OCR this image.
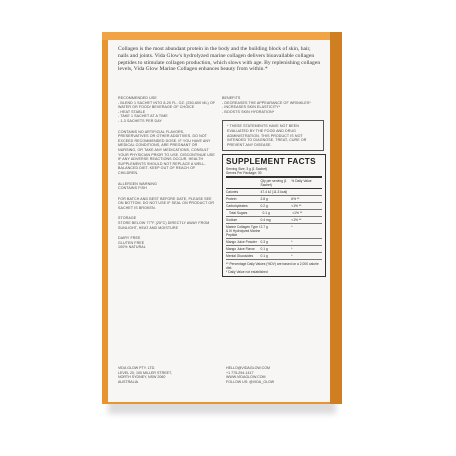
Collagen is the most abundant protein in the body and the building block of skin, hair, nails and joints. Vida Glow's hydrolyzed marine collagen delivers bioavailable collagen peptides to stimulate collagen production, which slows with age. By replenishing collagen levels, Vida Glow Marine Collagen enhances beauty from within.*
RECOMMENDED USE
- BLEND 1 SACHET INTO 8-20 FL. OZ. (250-600 ML) OF WATER OR FOOD/ BEVERAGE OF CHOICE
- HEAT STABLE
- TAKE 1 SACHET AT A TIME
- 1-3 SACHETS PER DAY
CONTAINS NO ARTIFICIAL FLAVORS, PRESERVATIVES OR OTHER ADDITIVES. DO NOT EXCEED RECOMMENDED DOSE. IF YOU HAVE ANY MEDICAL CONDITIONS, ARE PREGNANT OR NURSING, OR TAKE ANY MEDICATIONS, CONSULT YOUR PHYSICIAN PRIOR TO USE. DISCONTINUE USE IF ANY ADVERSE REACTIONS OCCUR. HEALTH SUPPLEMENTS SHOULD NOT REPLACE A WELL-BALANCED DIET. KEEP OUT OF REACH OF CHILDREN.
ALLERGEN WARNING
CONTAINS FISH
FOR BATCH AND BEST BEFORE DATE, PLEASE SEE ON BOTTOM. DO NOT USE IF SEAL ON PRODUCT OR SACHET IS BROKEN.
STORAGE
STORE BELOW 77°F (25°C) DIRECTLY AWAY FROM SUNLIGHT, HEAT AND MOISTURE
DAIRY FREE
GLUTEN FREE
100% NATURAL
BENEFITS
- DECREASES THE APPEARANCE OF WRINKLES*
- INCREASES SKIN ELASTICITY*
- BOOSTS SKIN HYDRATION*
* THESE STATEMENTS HAVE NOT BEEN EVALUATED BY THE FOOD AND DRUG ADMINISTRATION. THIS PRODUCT IS NOT INTENDED TO DIAGNOSE, TREAT, CURE OR PREVENT ANY DISEASE.
SUPPLEMENT FACTS
Serving Size: 3 g (1 Sachet)
Serves Per Package: 30
Qty per serving (1 Sachet)
% Daily Value
Calories	47.4 kJ (11.3 kcal)
Protein	2.8 g	6% **
Carbohydrates	0.2 g	<1% **
Total Sugars	0.1 g	<1% **
Sodium	0.4 mg	<1% **
Marine Collagen Type I & III Hydrolyzed Marine Peptide
2.7 g	*
Mango Juice Powder	0.3 g	*
Mango Juice Flavor	0.1 g	*
Mental Glucosides	0.1 g	*
** Percentage Daily Values (%DV) are based on a 2,000 calorie diet.
* Daily Value not established
VIDA GLOW PTY. LTD.
LEVEL 20, 100 MILLER STREET,
NORTH SYDNEY, NSW 2060
AUSTRALIA
HELLO@VIDAGLOW.COM
+1 775-294-1417
WWW.VIDAGLOW.COM
FOLLOW US: @VIDA_GLOW
